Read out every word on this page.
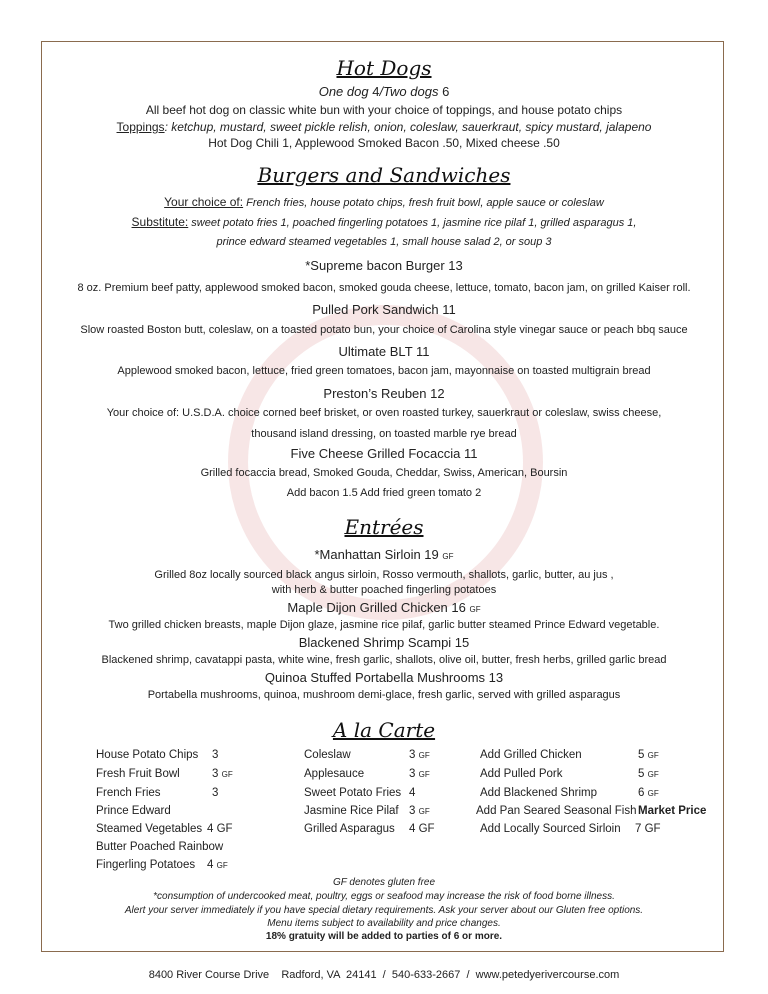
Hot Dogs
One dog 4/Two dogs 6
All beef hot dog on classic white bun with your choice of toppings, and house potato chips
Toppings: ketchup, mustard, sweet pickle relish, onion, coleslaw, sauerkraut, spicy mustard, jalapeno
Hot Dog Chili 1, Applewood Smoked Bacon .50, Mixed cheese .50
Burgers and Sandwiches
Your choice of: French fries, house potato chips, fresh fruit bowl, apple sauce or coleslaw
Substitute: sweet potato fries 1, poached fingerling potatoes 1, jasmine rice pilaf 1, grilled asparagus 1,
prince edward steamed vegetables 1, small house salad 2, or soup 3
*Supreme bacon Burger 13
8 oz. Premium beef patty, applewood smoked bacon, smoked gouda cheese, lettuce, tomato, bacon jam, on grilled Kaiser roll.
Pulled Pork Sandwich 11
Slow roasted Boston butt, coleslaw, on a toasted potato bun, your choice of Carolina style vinegar sauce or peach bbq sauce
Ultimate BLT 11
Applewood smoked bacon, lettuce, fried green tomatoes, bacon jam, mayonnaise on toasted multigrain bread
Preston’s Reuben 12
Your choice of: U.S.D.A. choice corned beef brisket, or oven roasted turkey, sauerkraut or coleslaw, swiss cheese,
thousand island dressing, on toasted marble rye bread
Five Cheese Grilled Focaccia 11
Grilled focaccia bread, Smoked Gouda, Cheddar, Swiss, American, Boursin
Add bacon 1.5 Add fried green tomato 2
Entrées
*Manhattan Sirloin 19 GF
Grilled 8oz locally sourced black angus sirloin, Rosso vermouth, shallots, garlic, butter, au jus ,
with herb & butter poached fingerling potatoes
Maple Dijon Grilled Chicken 16 GF
Two grilled chicken breasts, maple Dijon glaze, jasmine rice pilaf, garlic butter steamed Prince Edward vegetable.
Blackened Shrimp Scampi 15
Blackened shrimp, cavatappi pasta, white wine, fresh garlic, shallots, olive oil, butter, fresh herbs, grilled garlic bread
Quinoa Stuffed Portabella Mushrooms 13
Portabella mushrooms, quinoa, mushroom demi-glace, fresh garlic, served with grilled asparagus
A la Carte
House Potato Chips 3
Fresh Fruit Bowl	3 GF
French Fries	3
Prince Edward
Steamed Vegetables 4 GF
Butter Poached Rainbow
Fingerling Potatoes 4 GF
Coleslaw	3 GF
Applesauce	3 GF
Sweet Potato Fries 4
Jasmine Rice Pilaf 3 GF
Grilled Asparagus 4 GF
Add Grilled Chicken	5 GF
Add Pulled Pork	5 GF
Add Blackened Shrimp	6 GF
Add Pan Seared Seasonal Fish Market Price
Add Locally Sourced Sirloin 7 GF
GF denotes gluten free
*consumption of undercooked meat, poultry, eggs or seafood may increase the risk of food borne illness.
Alert your server immediately if you have special dietary requirements. Ask your server about our Gluten free options.
Menu items subject to availability and price changes.
18% gratuity will be added to parties of 6 or more.
8400 River Course Drive    Radford, VA  24141  /  540-633-2667  /  www.petedyerivercourse.com
